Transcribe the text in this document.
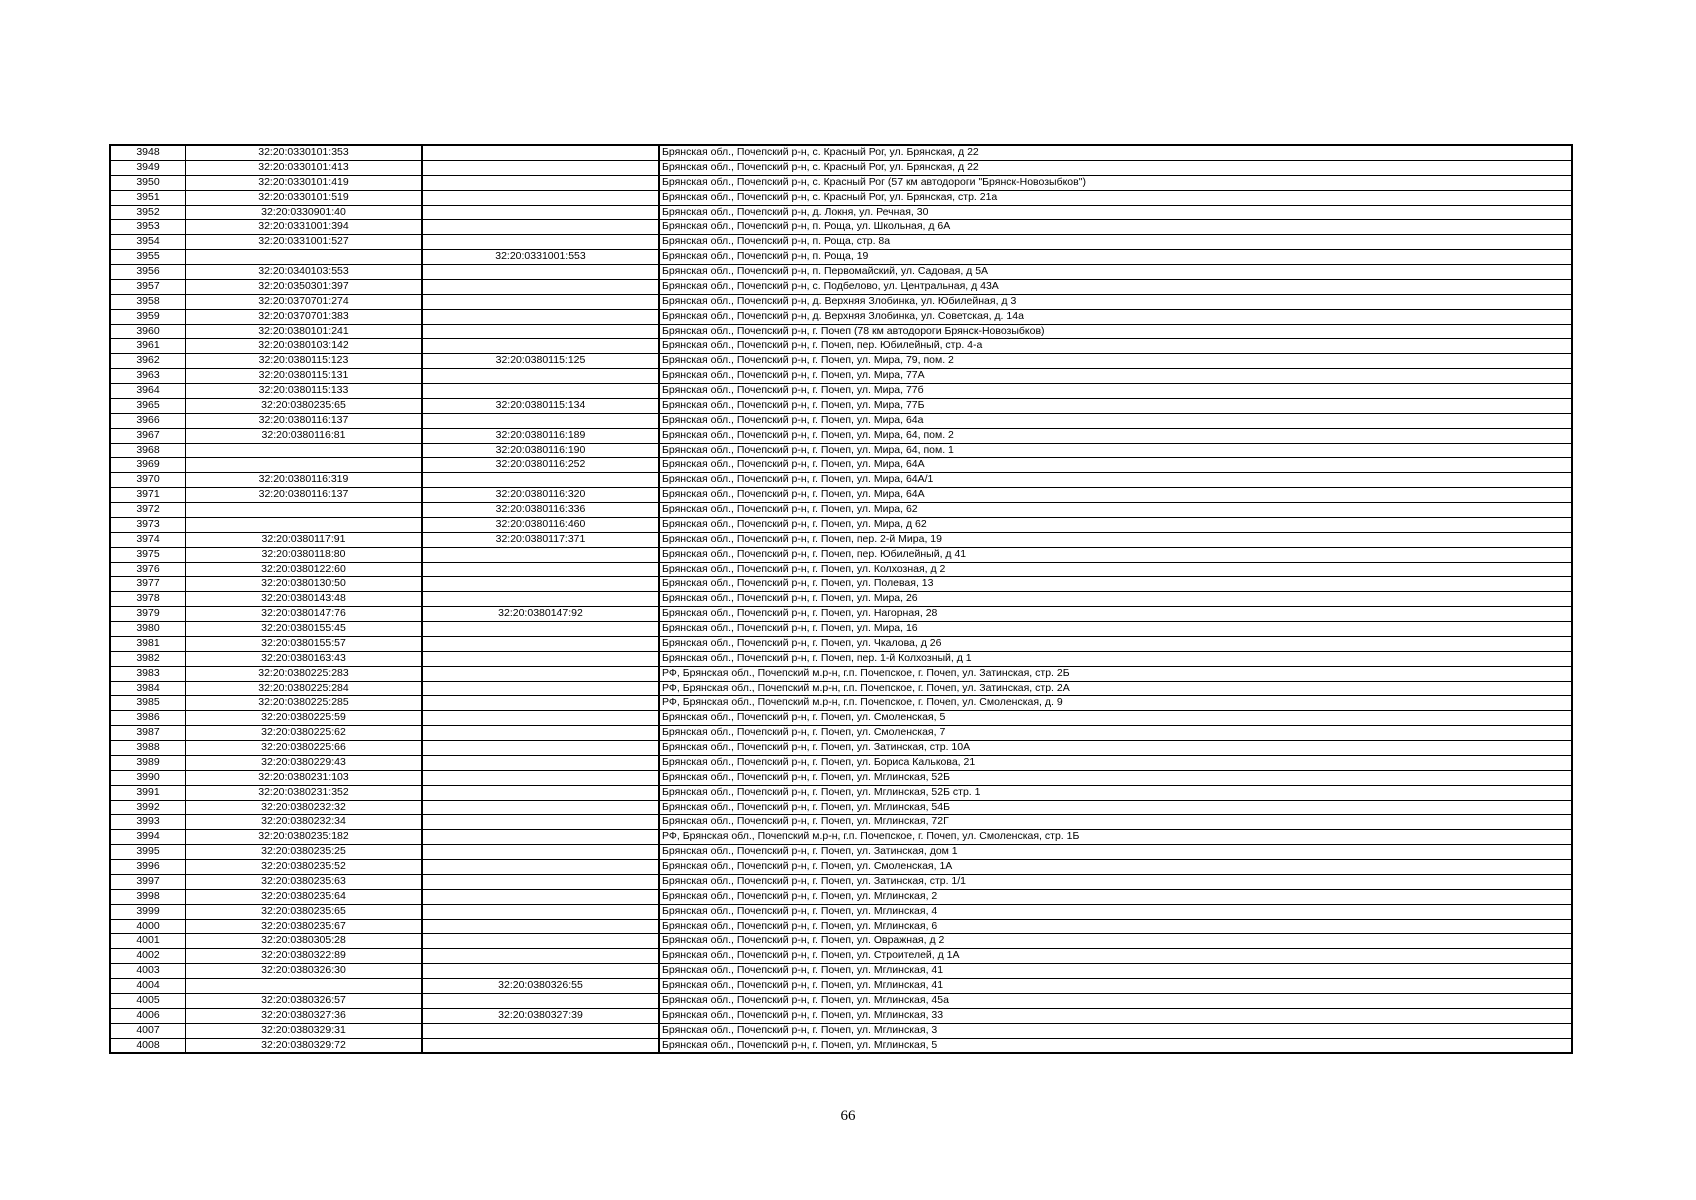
3948	32:20:0330101:353		Брянская обл., Почепский р-н, с. Красный Рог, ул. Брянская, д 22
3949	32:20:0330101:413		Брянская обл., Почепский р-н, с. Красный Рог, ул. Брянская, д 22
3950	32:20:0330101:419		Брянская обл., Почепский р-н, с. Красный Рог (57 км автодороги "Брянск-Новозыбков")
3951	32:20:0330101:519		Брянская обл., Почепский р-н, с. Красный Рог, ул. Брянская, стр. 21а
3952	32:20:0330901:40		Брянская обл., Почепский р-н, д. Локня, ул. Речная, 30
3953	32:20:0331001:394		Брянская обл., Почепский р-н, п. Роща, ул. Школьная, д 6А
3954	32:20:0331001:527		Брянская обл., Почепский р-н, п. Роща, стр. 8а
3955		32:20:0331001:553	Брянская обл., Почепский р-н, п. Роща, 19
3956	32:20:0340103:553		Брянская обл., Почепский р-н, п. Первомайский, ул. Садовая, д 5А
3957	32:20:0350301:397		Брянская обл., Почепский р-н, с. Подбелово, ул. Центральная, д 43А
3958	32:20:0370701:274		Брянская обл., Почепский р-н, д. Верхняя Злобинка, ул. Юбилейная, д 3
3959	32:20:0370701:383		Брянская обл., Почепский р-н, д. Верхняя Злобинка, ул. Советская, д. 14а
3960	32:20:0380101:241		Брянская обл., Почепский р-н, г. Почеп (78 км автодороги Брянск-Новозыбков)
3961	32:20:0380103:142		Брянская обл., Почепский р-н, г. Почеп, пер. Юбилейный, стр. 4-а
3962	32:20:0380115:123	32:20:0380115:125	Брянская обл., Почепский р-н, г. Почеп, ул. Мира, 79, пом. 2
3963	32:20:0380115:131		Брянская обл., Почепский р-н, г. Почеп, ул. Мира, 77А
3964	32:20:0380115:133		Брянская обл., Почепский р-н, г. Почеп, ул. Мира, 77б
3965	32:20:0380235:65	32:20:0380115:134	Брянская обл., Почепский р-н, г. Почеп, ул. Мира, 77Б
3966	32:20:0380116:137		Брянская обл., Почепский р-н, г. Почеп, ул. Мира, 64а
3967	32:20:0380116:81	32:20:0380116:189	Брянская обл., Почепский р-н, г. Почеп, ул. Мира, 64, пом. 2
3968		32:20:0380116:190	Брянская обл., Почепский р-н, г. Почеп, ул. Мира, 64, пом. 1
3969		32:20:0380116:252	Брянская обл., Почепский р-н, г. Почеп, ул. Мира, 64А
3970	32:20:0380116:319		Брянская обл., Почепский р-н, г. Почеп, ул. Мира, 64А/1
3971	32:20:0380116:137	32:20:0380116:320	Брянская обл., Почепский р-н, г. Почеп, ул. Мира, 64А
3972		32:20:0380116:336	Брянская обл., Почепский р-н, г. Почеп, ул. Мира, 62
3973		32:20:0380116:460	Брянская обл., Почепский р-н, г. Почеп, ул. Мира, д 62
3974	32:20:0380117:91	32:20:0380117:371	Брянская обл., Почепский р-н, г. Почеп, пер. 2-й Мира, 19
3975	32:20:0380118:80		Брянская обл., Почепский р-н, г. Почеп, пер. Юбилейный, д 41
3976	32:20:0380122:60		Брянская обл., Почепский р-н, г. Почеп, ул. Колхозная, д 2
3977	32:20:0380130:50		Брянская обл., Почепский р-н, г. Почеп, ул. Полевая, 13
3978	32:20:0380143:48		Брянская обл., Почепский р-н, г. Почеп, ул. Мира, 26
3979	32:20:0380147:76	32:20:0380147:92	Брянская обл., Почепский р-н, г. Почеп, ул. Нагорная, 28
3980	32:20:0380155:45		Брянская обл., Почепский р-н, г. Почеп, ул. Мира, 16
3981	32:20:0380155:57		Брянская обл., Почепский р-н, г. Почеп, ул. Чкалова, д 26
3982	32:20:0380163:43		Брянская обл., Почепский р-н, г. Почеп, пер. 1-й Колхозный, д 1
3983	32:20:0380225:283		РФ, Брянская обл., Почепский м.р-н, г.п. Почепское, г. Почеп, ул. Затинская, стр. 2Б
3984	32:20:0380225:284		РФ, Брянская обл., Почепский м.р-н, г.п. Почепское, г. Почеп, ул. Затинская, стр. 2А
3985	32:20:0380225:285		РФ, Брянская обл., Почепский м.р-н, г.п. Почепское, г. Почеп, ул. Смоленская, д. 9
3986	32:20:0380225:59		Брянская обл., Почепский р-н, г. Почеп, ул. Смоленская, 5
3987	32:20:0380225:62		Брянская обл., Почепский р-н, г. Почеп, ул. Смоленская, 7
3988	32:20:0380225:66		Брянская обл., Почепский р-н, г. Почеп, ул. Затинская, стр. 10А
3989	32:20:0380229:43		Брянская обл., Почепский р-н, г. Почеп, ул. Бориса Калькова, 21
3990	32:20:0380231:103		Брянская обл., Почепский р-н, г. Почеп, ул. Мглинская, 52Б
3991	32:20:0380231:352		Брянская обл., Почепский р-н, г. Почеп, ул. Мглинская, 52Б стр. 1
3992	32:20:0380232:32		Брянская обл., Почепский р-н, г. Почеп, ул. Мглинская, 54Б
3993	32:20:0380232:34		Брянская обл., Почепский р-н, г. Почеп, ул. Мглинская, 72Г
3994	32:20:0380235:182		РФ, Брянская обл., Почепский м.р-н, г.п. Почепское, г. Почеп, ул. Смоленская, стр. 1Б
3995	32:20:0380235:25		Брянская обл., Почепский р-н, г. Почеп, ул. Затинская, дом 1
3996	32:20:0380235:52		Брянская обл., Почепский р-н, г. Почеп, ул. Смоленская, 1А
3997	32:20:0380235:63		Брянская обл., Почепский р-н, г. Почеп, ул. Затинская, стр. 1/1
3998	32:20:0380235:64		Брянская обл., Почепский р-н, г. Почеп, ул. Мглинская, 2
3999	32:20:0380235:65		Брянская обл., Почепский р-н, г. Почеп, ул. Мглинская, 4
4000	32:20:0380235:67		Брянская обл., Почепский р-н, г. Почеп, ул. Мглинская, 6
4001	32:20:0380305:28		Брянская обл., Почепский р-н, г. Почеп, ул. Овражная, д 2
4002	32:20:0380322:89		Брянская обл., Почепский р-н, г. Почеп, ул. Строителей, д 1А
4003	32:20:0380326:30		Брянская обл., Почепский р-н, г. Почеп, ул. Мглинская, 41
4004		32:20:0380326:55	Брянская обл., Почепский р-н, г. Почеп, ул. Мглинская, 41
4005	32:20:0380326:57		Брянская обл., Почепский р-н, г. Почеп, ул. Мглинская, 45а
4006	32:20:0380327:36	32:20:0380327:39	Брянская обл., Почепский р-н, г. Почеп, ул. Мглинская, 33
4007	32:20:0380329:31		Брянская обл., Почепский р-н, г. Почеп, ул. Мглинская, 3
4008	32:20:0380329:72		Брянская обл., Почепский р-н, г. Почеп, ул. Мглинская, 5
66
